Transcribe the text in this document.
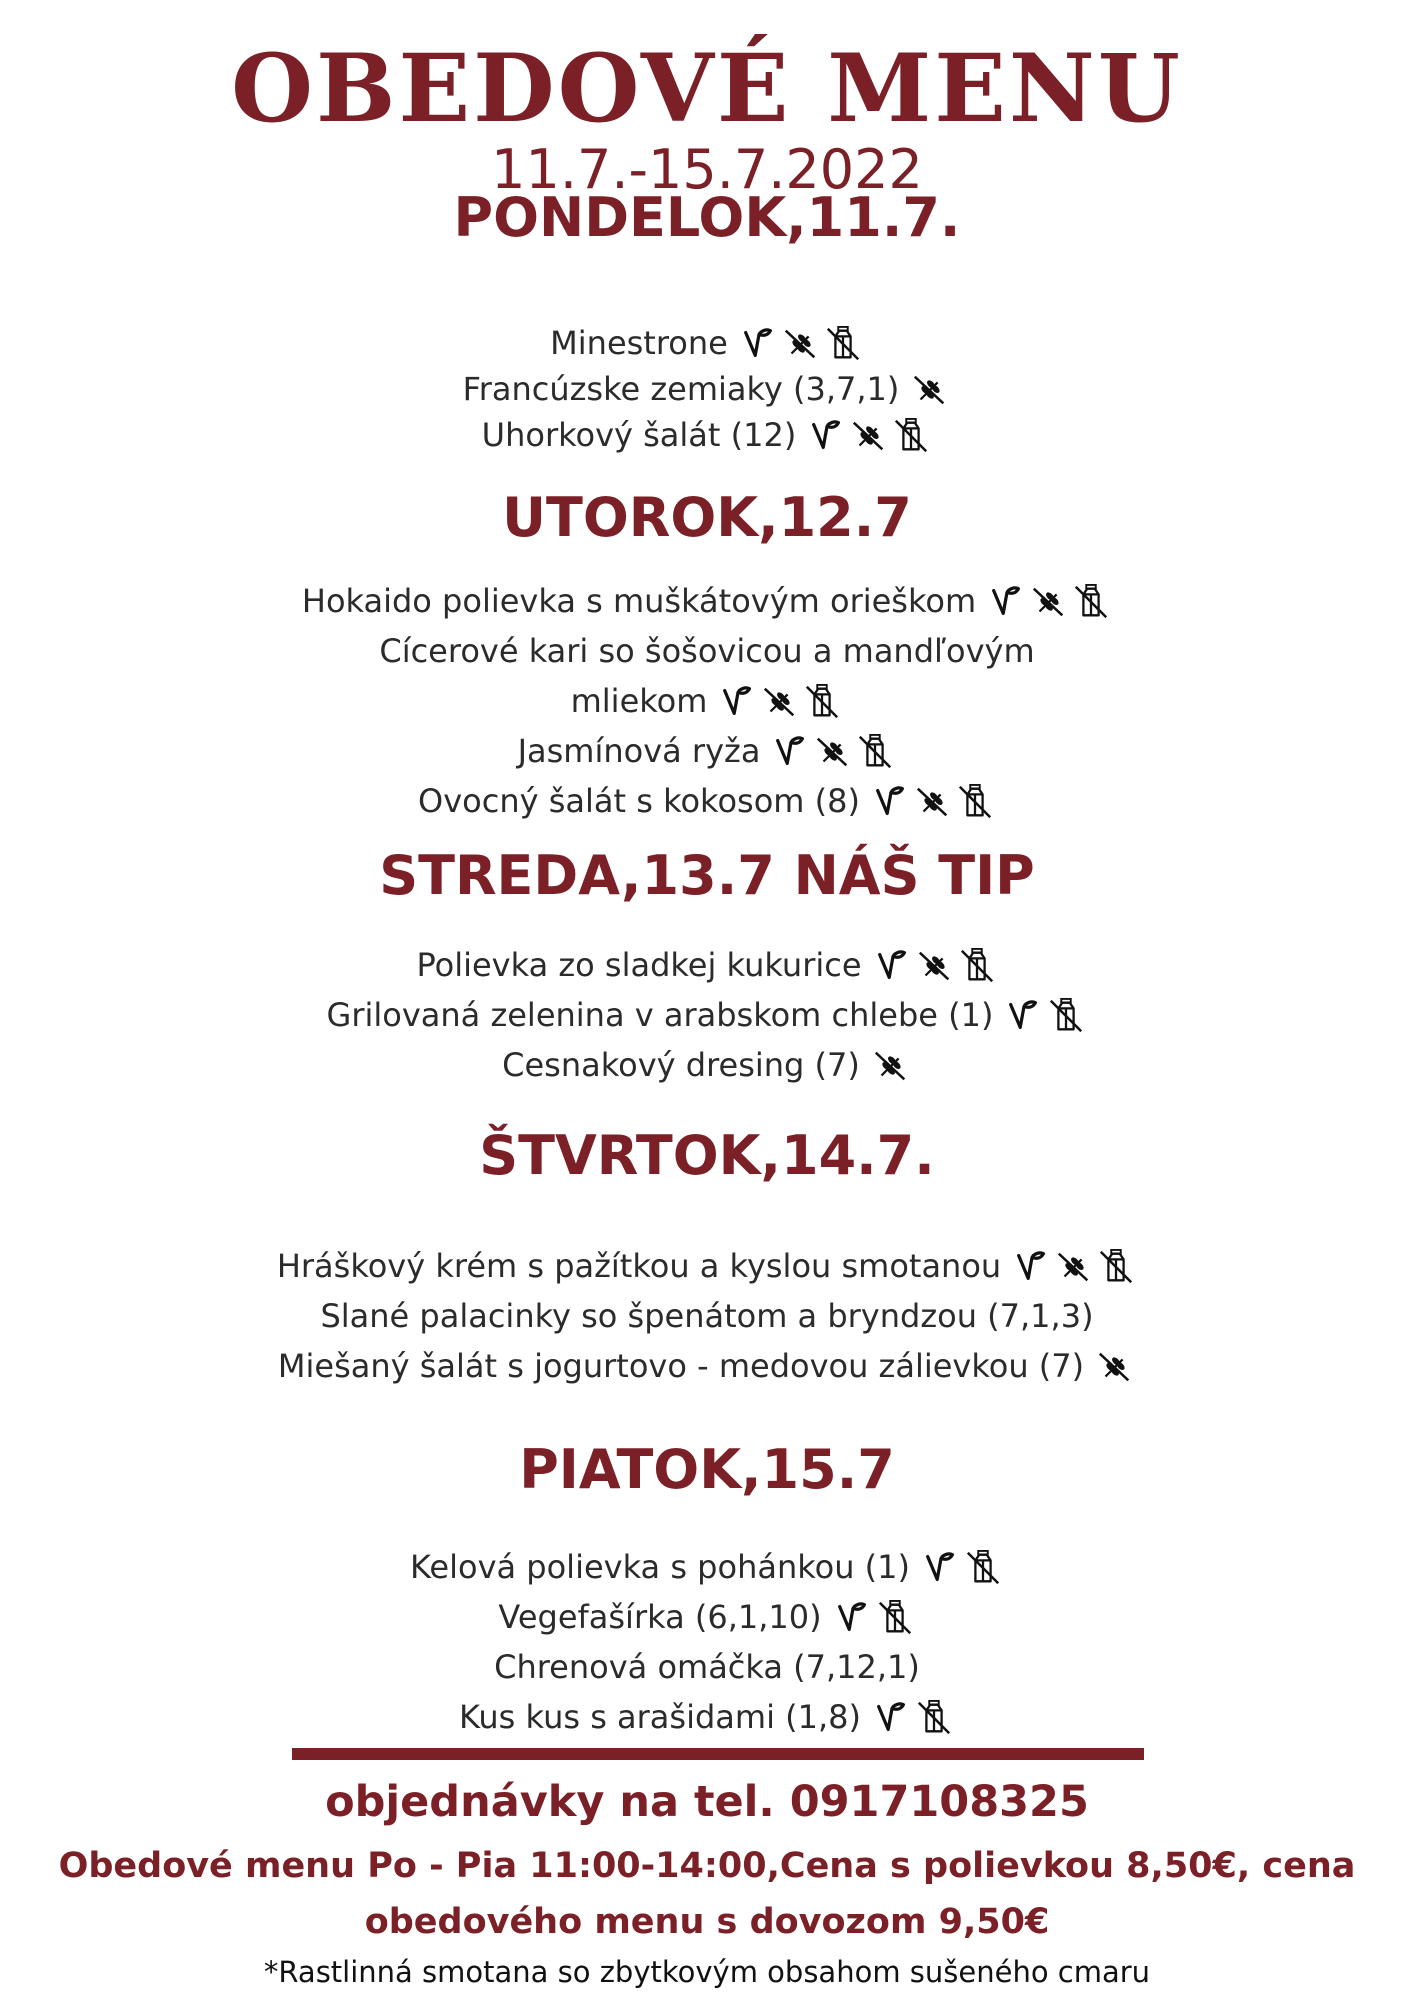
OBEDOVÉ MENU
11.7.-15.7.2022
PONDELOK,11.7.
Minestrone
Francúzske zemiaky (3,7,1)
Uhorkový šalát (12)
UTOROK,12.7
Hokaido polievka s muškátovým orieškom
Cícerové kari so šošovicou a mandľovým
mliekom
Jasmínová ryža
Ovocný šalát s kokosom (8)
STREDA,13.7 NÁŠ TIP
Polievka zo sladkej kukurice
Grilovaná zelenina v arabskom chlebe (1)
Cesnakový dresing (7)
ŠTVRTOK,14.7.
Hráškový krém s pažítkou a kyslou smotanou
Slané palacinky so špenátom a bryndzou (7,1,3)
Miešaný šalát s jogurtovo - medovou zálievkou (7)
PIATOK,15.7
Kelová polievka s pohánkou (1)
Vegefašírka (6,1,10)
Chrenová omáčka (7,12,1)
Kus kus s arašidami (1,8)
objednávky na tel. 0917108325
Obedové menu Po - Pia 11:00-14:00,Cena s polievkou 8,50€, cena
obedového menu s dovozom 9,50€
*Rastlinná smotana so zbytkovým obsahom sušeného cmaru
